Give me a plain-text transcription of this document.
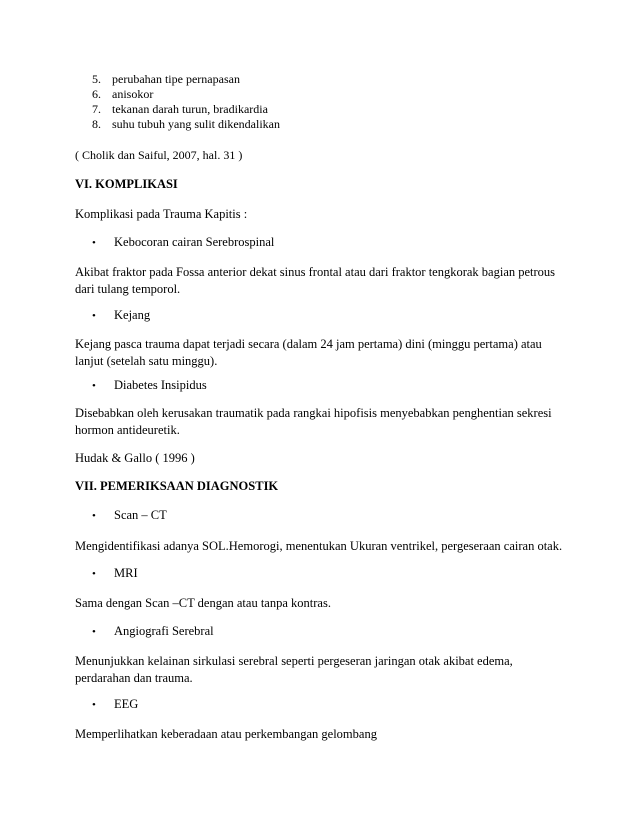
5. perubahan tipe pernapasan
6. anisokor
7. tekanan darah turun, bradikardia
8. suhu tubuh yang sulit dikendalikan
( Cholik dan Saiful, 2007, hal. 31 )
VI. KOMPLIKASI
Komplikasi pada Trauma Kapitis :
• Kebocoran cairan Serebrospinal
Akibat fraktor pada Fossa anterior dekat sinus frontal atau dari fraktor tengkorak bagian petrous
dari tulang temporol.
• Kejang
Kejang pasca trauma dapat terjadi secara (dalam 24 jam pertama) dini (minggu pertama) atau
lanjut (setelah satu minggu).
• Diabetes Insipidus
Disebabkan oleh kerusakan traumatik pada rangkai hipofisis menyebabkan penghentian sekresi
hormon antideuretik.
Hudak & Gallo ( 1996 )
VII. PEMERIKSAAN DIAGNOSTIK
• Scan – CT
Mengidentifikasi adanya SOL.Hemorogi, menentukan Ukuran ventrikel, pergeseraan cairan otak.
• MRI
Sama dengan Scan –CT dengan atau tanpa kontras.
• Angiografi Serebral
Menunjukkan kelainan sirkulasi serebral seperti pergeseran jaringan otak akibat edema,
perdarahan dan trauma.
• EEG
Memperlihatkan keberadaan atau perkembangan gelombang
